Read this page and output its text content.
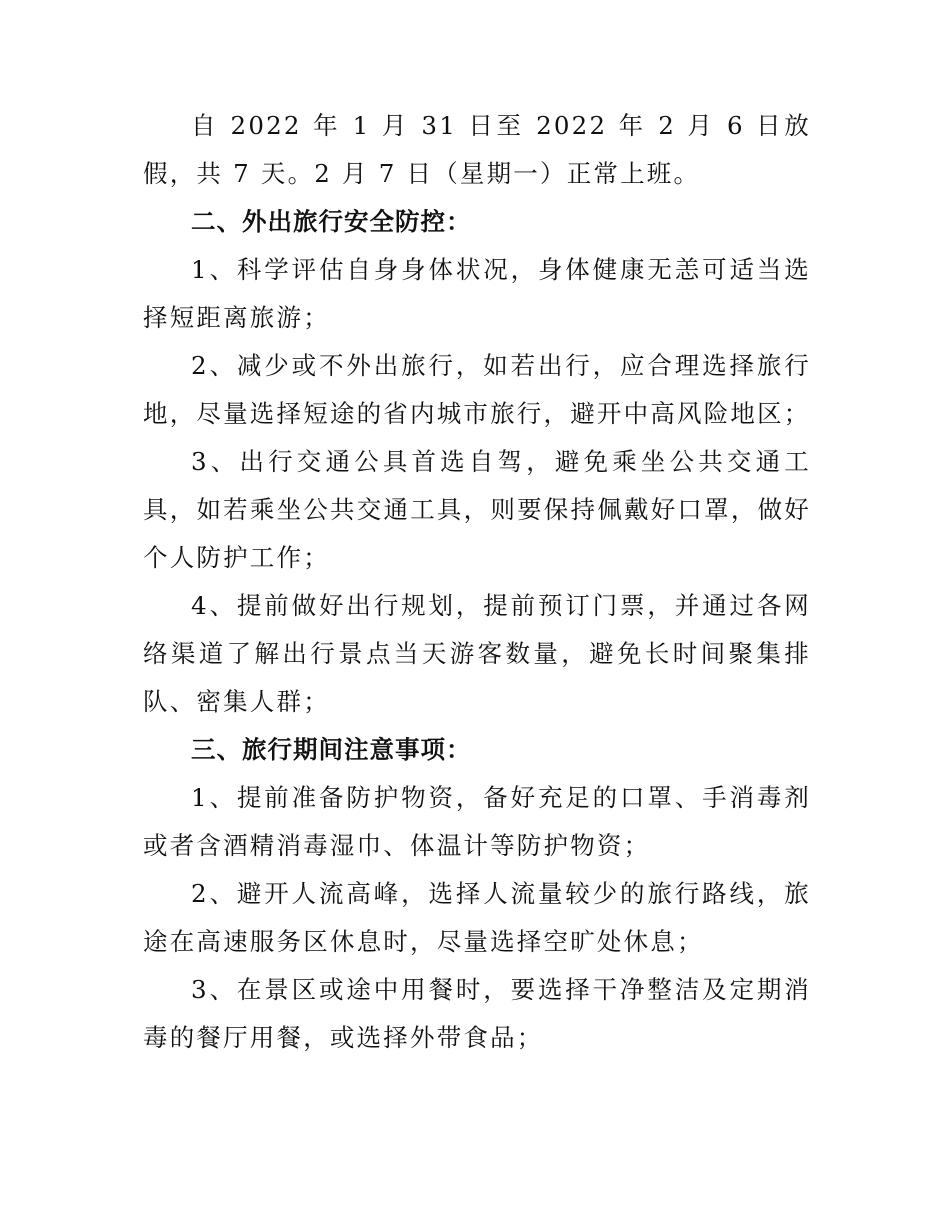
自 2022 年 1 月 31 日至 2022 年 2 月 6 日放假，共 7 天。2 月 7 日（星期一）正常上班。

二、外出旅行安全防控：

1、科学评估自身身体状况，身体健康无恙可适当选择短距离旅游；

2、减少或不外出旅行，如若出行，应合理选择旅行地，尽量选择短途的省内城市旅行，避开中高风险地区；

3、出行交通公具首选自驾，避免乘坐公共交通工具，如若乘坐公共交通工具，则要保持佩戴好口罩，做好个人防护工作；

4、提前做好出行规划，提前预订门票，并通过各网络渠道了解出行景点当天游客数量，避免长时间聚集排队、密集人群；

三、旅行期间注意事项：

1、提前准备防护物资，备好充足的口罩、手消毒剂或者含酒精消毒湿巾、体温计等防护物资；

2、避开人流高峰，选择人流量较少的旅行路线，旅途在高速服务区休息时，尽量选择空旷处休息；

3、在景区或途中用餐时，要选择干净整洁及定期消毒的餐厅用餐，或选择外带食品；
